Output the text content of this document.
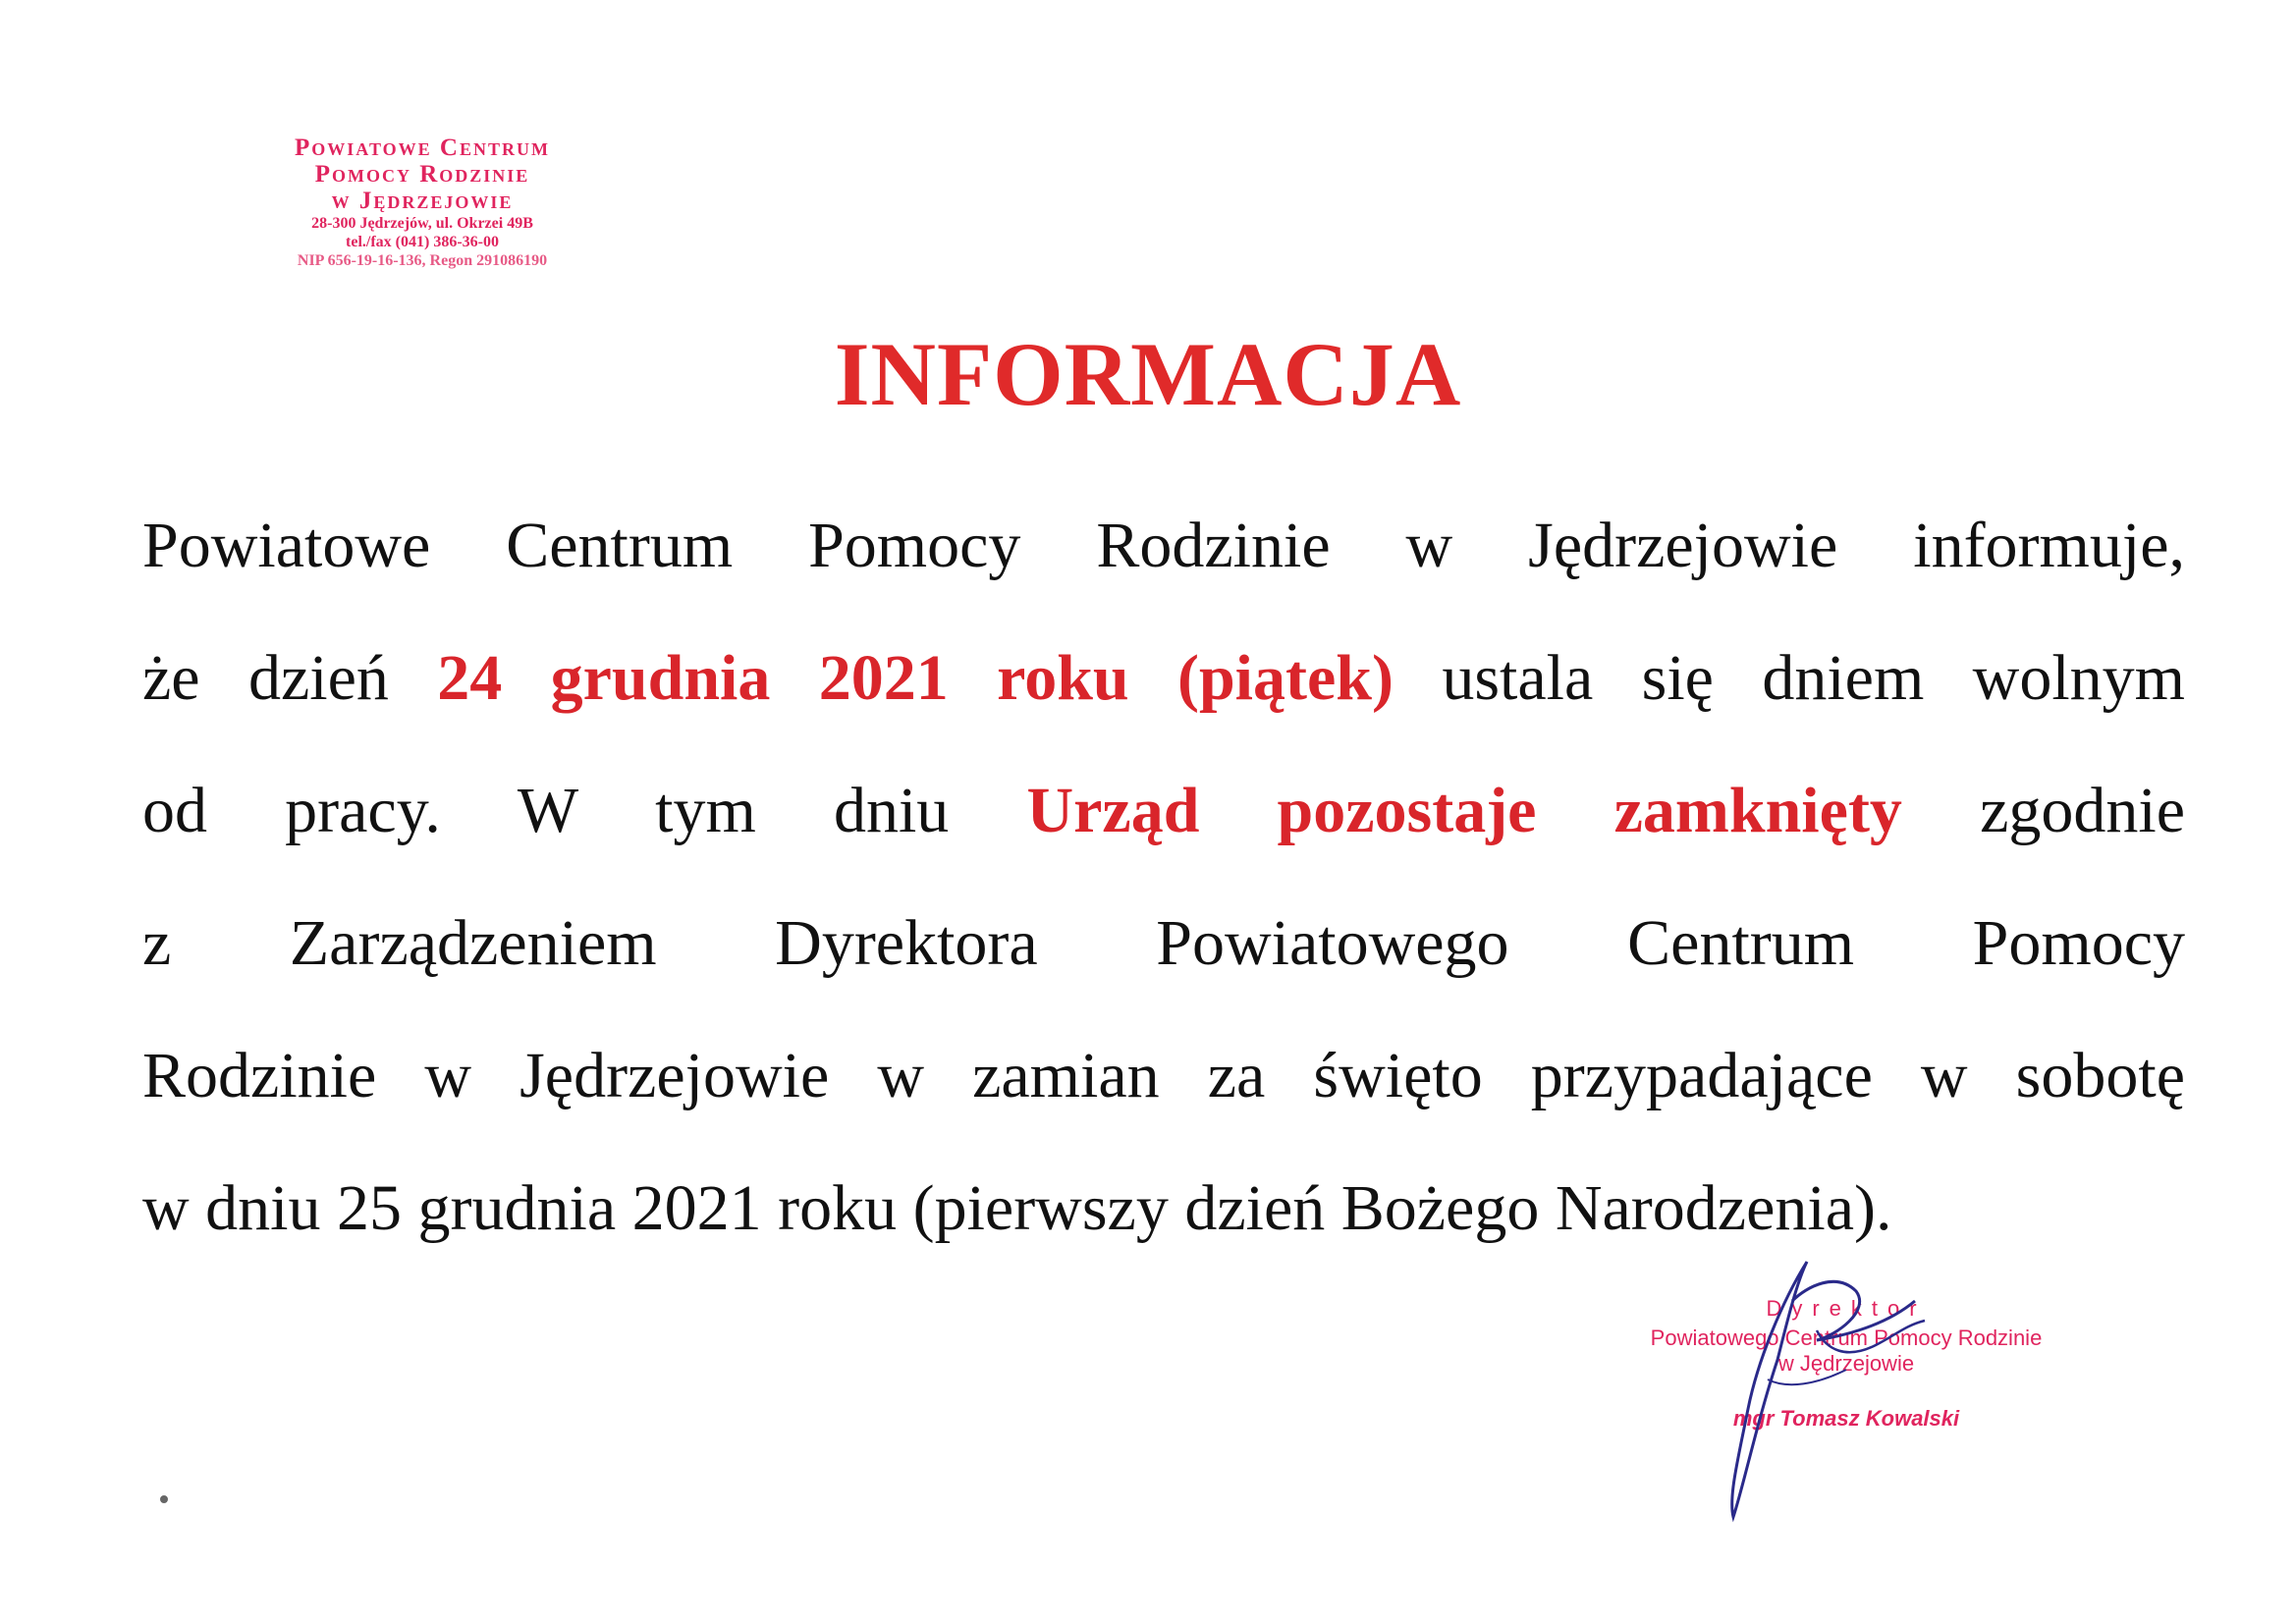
Powiatowe Centrum
Pomocy Rodzinie
w Jędrzejowie
28-300 Jędrzejów, ul. Okrzei 49B
tel./fax (041) 386-36-00
NIP 656-19-16-136, Regon 291086190
INFORMACJA
Powiatowe Centrum Pomocy Rodzinie w Jędrzejowie informuje,
że dzień 24 grudnia 2021 roku (piątek) ustala się dniem wolnym
od pracy. W tym dniu Urząd pozostaje zamknięty zgodnie
z Zarządzeniem Dyrektora Powiatowego Centrum Pomocy
Rodzinie w Jędrzejowie w zamian za święto przypadające w sobotę
w dniu 25 grudnia 2021 roku (pierwszy dzień Bożego Narodzenia).
Dyrektor
Powiatowego Centrum Pomocy Rodzinie
w Jędrzejowie
mgr Tomasz Kowalski
